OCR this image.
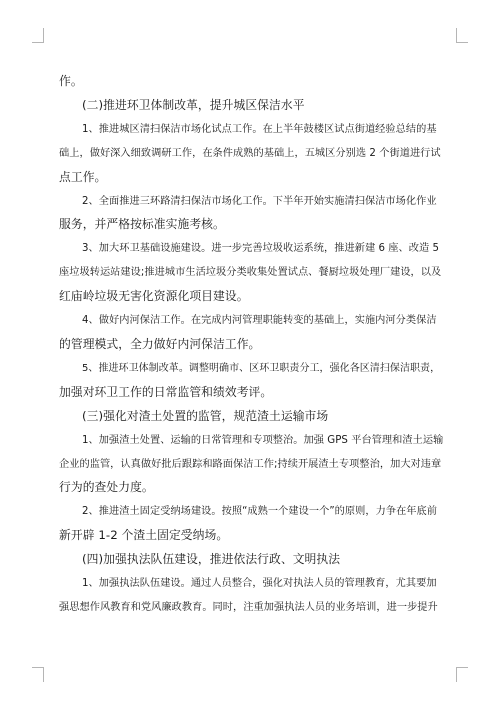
作。

(二)推进环卫体制改革，提升城区保洁水平

1、推进城区清扫保洁市场化试点工作。在上半年鼓楼区试点街道经验总结的基

础上，做好深入细致调研工作，在条件成熟的基础上，五城区分别选 2 个街道进行试

点工作。

2、全面推进三环路清扫保洁市场化工作。下半年开始实施清扫保洁市场化作业

服务，并严格按标准实施考核。

3、加大环卫基础设施建设。进一步完善垃圾收运系统，推进新建 6 座、改造 5

座垃圾转运站建设;推进城市生活垃圾分类收集处置试点、餐厨垃圾处理厂建设，以及

红庙岭垃圾无害化资源化项目建设。

4、做好内河保洁工作。在完成内河管理职能转变的基础上，实施内河分类保洁

的管理模式，全力做好内河保洁工作。

5、推进环卫体制改革。调整明确市、区环卫职责分工，强化各区清扫保洁职责，

加强对环卫工作的日常监管和绩效考评。

(三)强化对渣土处置的监管，规范渣土运输市场

1、加强渣土处置、运输的日常管理和专项整治。加强 GPS 平台管理和渣土运输

企业的监管，认真做好批后跟踪和路面保洁工作;持续开展渣土专项整治，加大对违章

行为的查处力度。

2、推进渣土固定受纳场建设。按照“成熟一个建设一个”的原则，力争在年底前

新开辟 1-2 个渣土固定受纳场。

(四)加强执法队伍建设，推进依法行政、文明执法

1、加强执法队伍建设。通过人员整合，强化对执法人员的管理教育，尤其要加

强思想作风教育和党风廉政教育。同时，注重加强执法人员的业务培训，进一步提升
